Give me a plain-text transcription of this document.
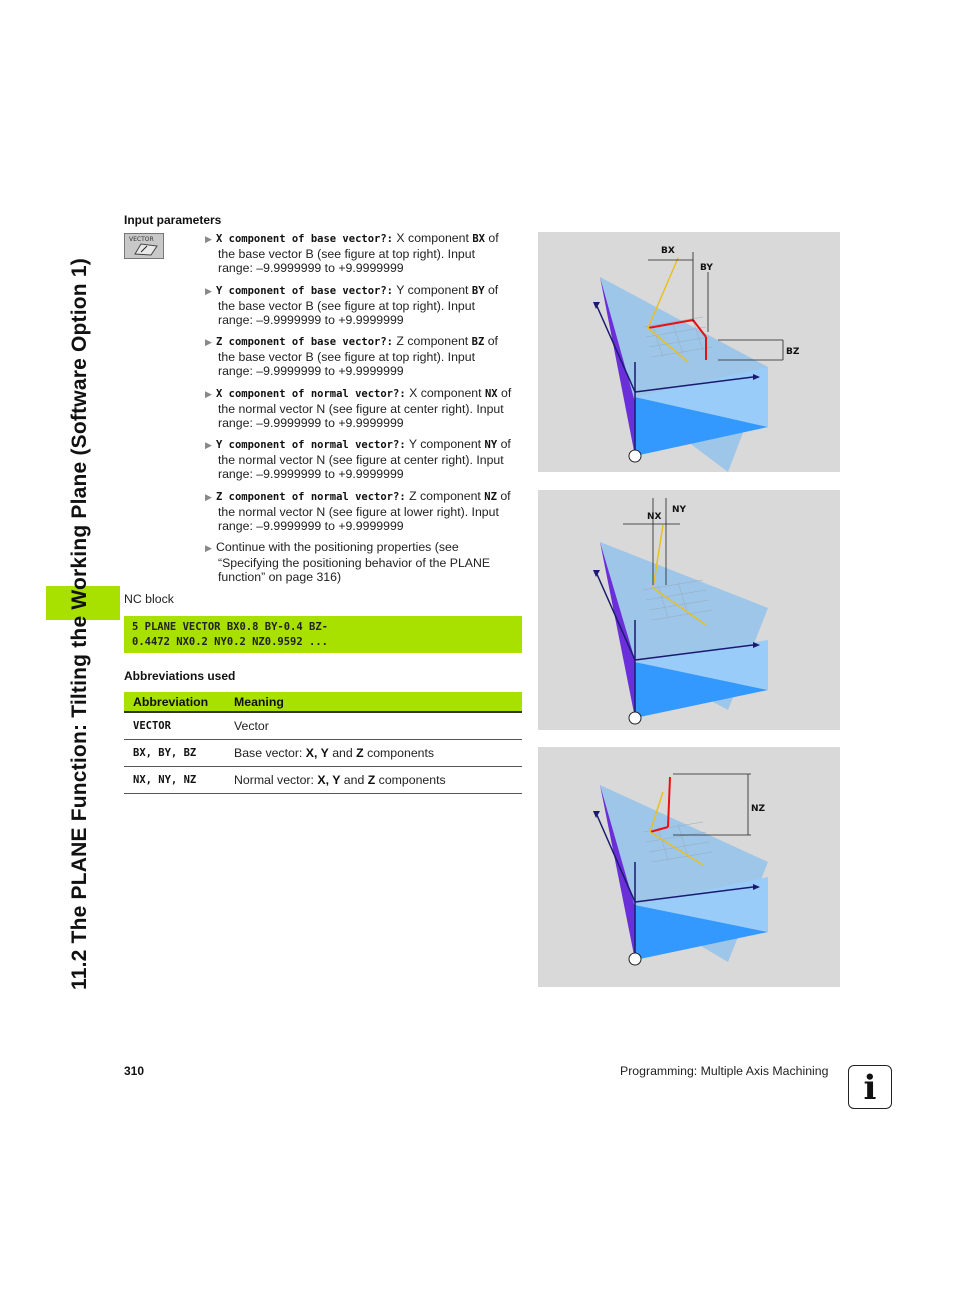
11.2 The PLANE Function: Tilting the Working Plane (Software Option 1)
Input parameters
VECTOR	▶ X component of base vector?: X component BX of
the base vector B (see figure at top right). Input
range: –9.9999999 to +9.9999999
▶ Y component of base vector?: Y component BY of
the base vector B (see figure at top right). Input
range: –9.9999999 to +9.9999999
▶ Z component of base vector?: Z component BZ of
the base vector B (see figure at top right). Input
range: –9.9999999 to +9.9999999
▶ X component of normal vector?: X component NX of
the normal vector N (see figure at center right). Input
range: –9.9999999 to +9.9999999
▶ Y component of normal vector?: Y component NY of
the normal vector N (see figure at center right). Input
range: –9.9999999 to +9.9999999
▶ Z component of normal vector?: Z component NZ of
the normal vector N (see figure at lower right). Input
range: –9.9999999 to +9.9999999
▶ Continue with the positioning properties (see
“Specifying the positioning behavior of the PLANE
function” on page 316)
NC block
5 PLANE VECTOR BX0.8 BY-0.4 BZ-
0.4472 NX0.2 NY0.2 NZ0.9592 ...
Abbreviations used
Abbreviation	Meaning
VECTOR	Vector
BX, BY, BZ	Base vector: X, Y and Z components
NX, NY, NZ	Normal vector: X, Y and Z components
BX
BY
BZ
NX
NY
NZ
310	Programming: Multiple Axis Machining	i
